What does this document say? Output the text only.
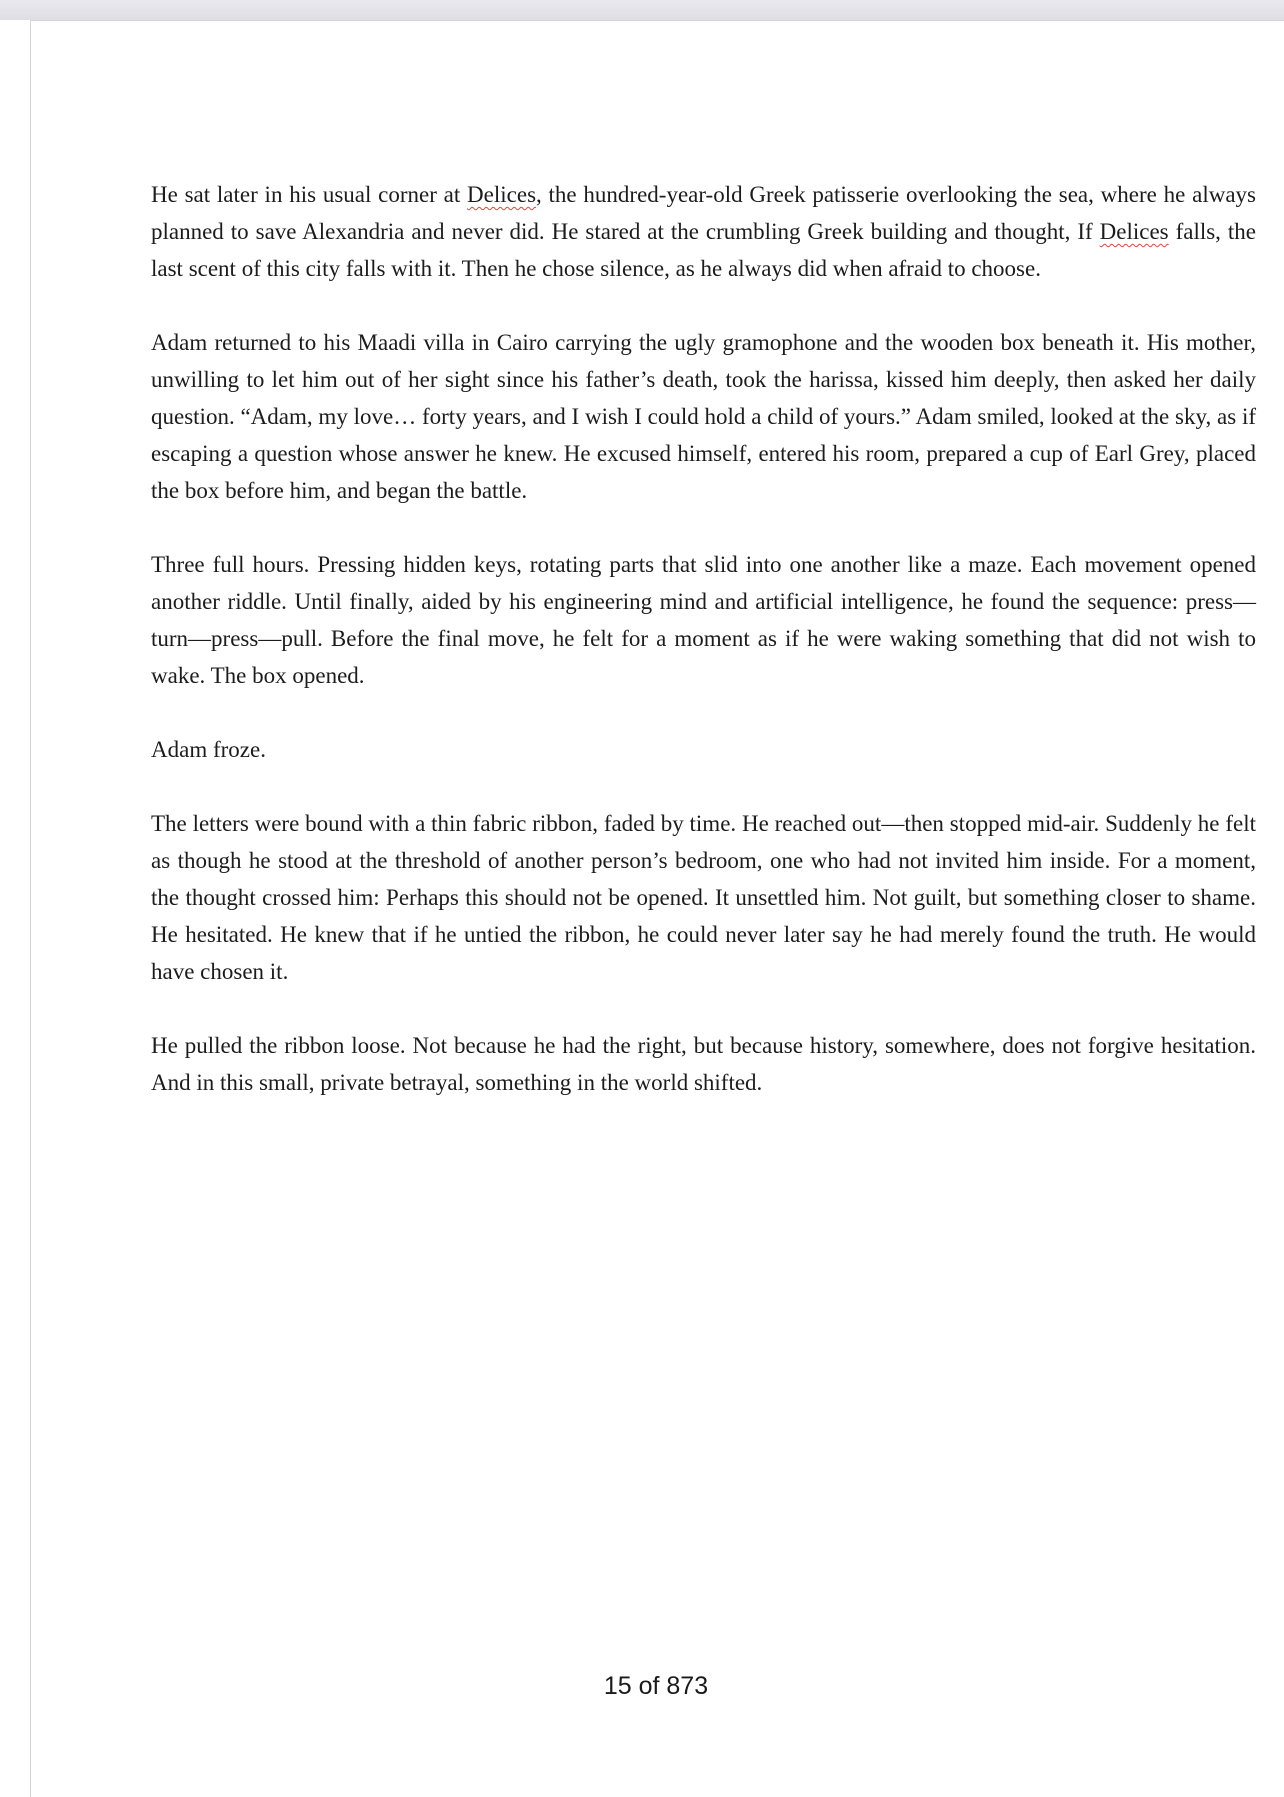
He sat later in his usual corner at Delices, the hundred-year-old Greek patisserie overlooking the sea, where he always planned to save Alexandria and never did. He stared at the crumbling Greek building and thought, If Delices falls, the last scent of this city falls with it. Then he chose silence, as he always did when afraid to choose.

Adam returned to his Maadi villa in Cairo carrying the ugly gramophone and the wooden box beneath it. His mother, unwilling to let him out of her sight since his father’s death, took the harissa, kissed him deeply, then asked her daily question. “Adam, my love… forty years, and I wish I could hold a child of yours.” Adam smiled, looked at the sky, as if escaping a question whose answer he knew. He excused himself, entered his room, prepared a cup of Earl Grey, placed the box before him, and began the battle.

Three full hours. Pressing hidden keys, rotating parts that slid into one another like a maze. Each movement opened another riddle. Until finally, aided by his engineering mind and artificial intelligence, he found the sequence: press—turn—press—pull. Before the final move, he felt for a moment as if he were waking something that did not wish to wake. The box opened.

Adam froze.

The letters were bound with a thin fabric ribbon, faded by time. He reached out—then stopped mid-air. Suddenly he felt as though he stood at the threshold of another person’s bedroom, one who had not invited him inside. For a moment, the thought crossed him: Perhaps this should not be opened. It unsettled him. Not guilt, but something closer to shame. He hesitated. He knew that if he untied the ribbon, he could never later say he had merely found the truth. He would have chosen it.

He pulled the ribbon loose. Not because he had the right, but because history, somewhere, does not forgive hesitation. And in this small, private betrayal, something in the world shifted.

15 of 873
